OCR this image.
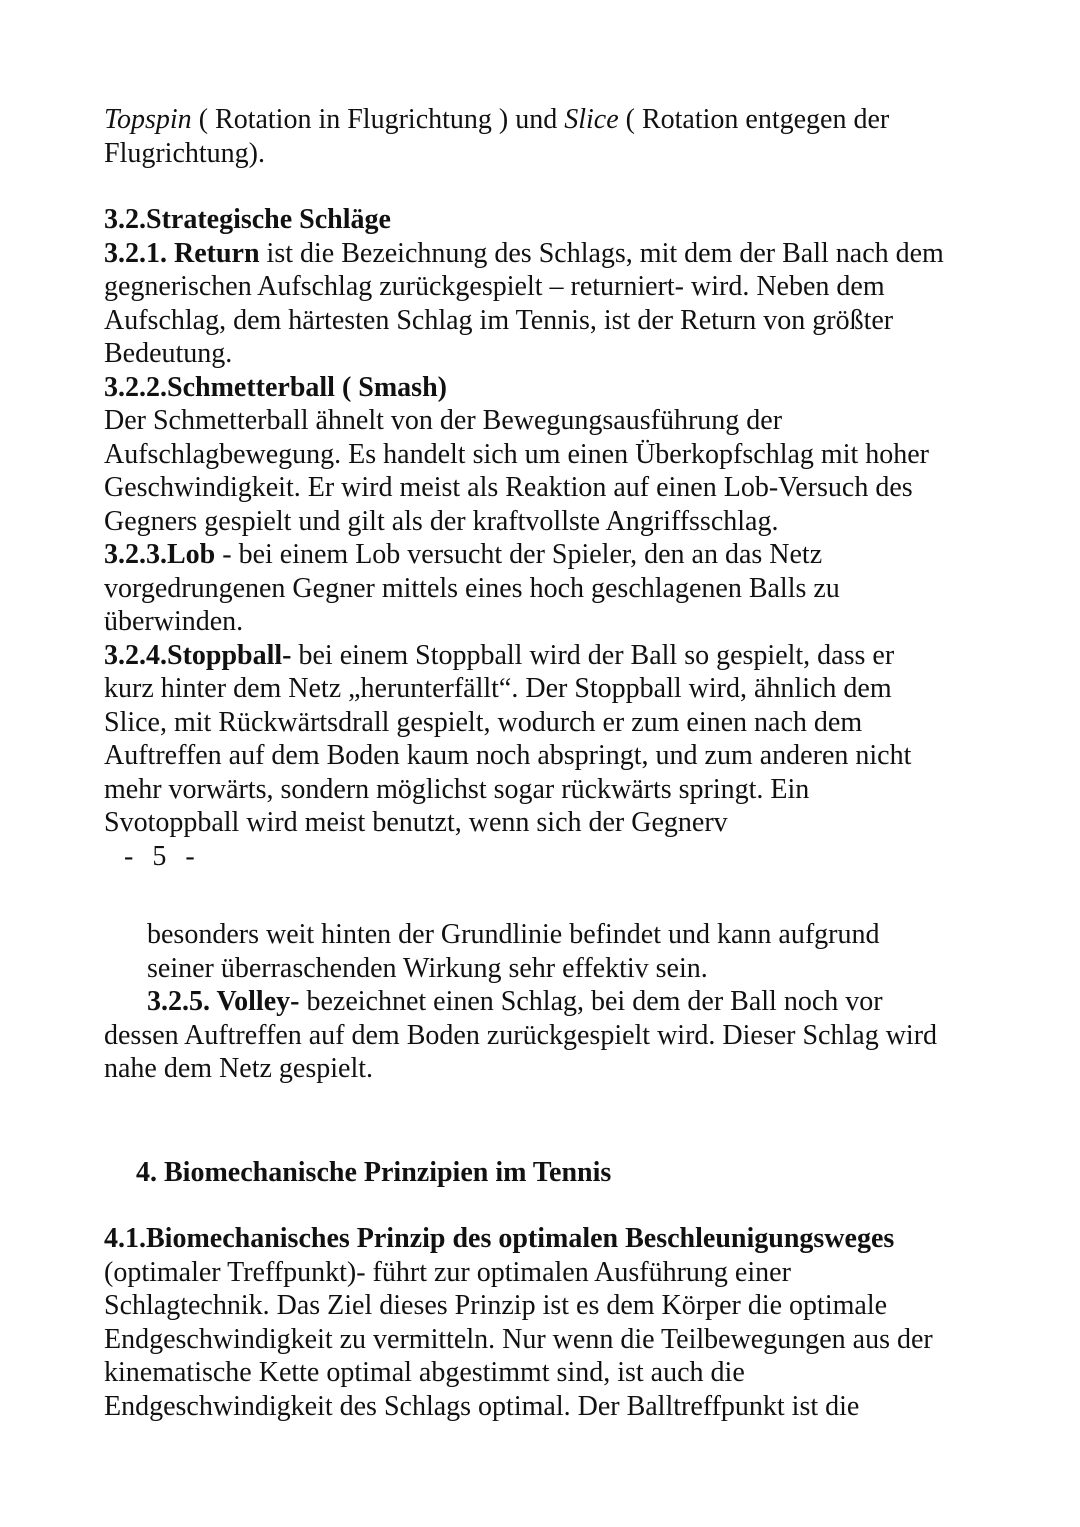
Topspin ( Rotation in Flugrichtung ) und Slice ( Rotation entgegen der

Flugrichtung).

3.2.Strategische Schläge

3.2.1. Return ist die Bezeichnung des Schlags, mit dem der Ball nach dem

gegnerischen Aufschlag zurückgespielt – returniert- wird. Neben dem

Aufschlag, dem härtesten Schlag im Tennis, ist der Return von größter

Bedeutung.

3.2.2.Schmetterball ( Smash)

Der Schmetterball ähnelt von der Bewegungsausführung der

Aufschlagbewegung. Es handelt sich um einen Überkopfschlag mit hoher

Geschwindigkeit. Er wird meist als Reaktion auf einen Lob-Versuch des

Gegners gespielt und gilt als der kraftvollste Angriffsschlag.

3.2.3.Lob - bei einem Lob versucht der Spieler, den an das Netz

vorgedrungenen Gegner mittels eines hoch geschlagenen Balls zu

überwinden.

3.2.4.Stoppball- bei einem Stoppball wird der Ball so gespielt, dass er

kurz hinter dem Netz „herunterfällt“. Der Stoppball wird, ähnlich dem

Slice, mit Rückwärtsdrall gespielt, wodurch er zum einen nach dem

Auftreffen auf dem Boden kaum noch abspringt, und zum anderen nicht

mehr vorwärts, sondern möglichst sogar rückwärts springt. Ein

Svotoppball wird meist benutzt, wenn sich der Gegnerv

- 5 -

besonders weit hinten der Grundlinie befindet und kann aufgrund

seiner überraschenden Wirkung sehr effektiv sein.

3.2.5. Volley- bezeichnet einen Schlag, bei dem der Ball noch vor

dessen Auftreffen auf dem Boden zurückgespielt wird. Dieser Schlag wird

nahe dem Netz gespielt.

4. Biomechanische Prinzipien im Tennis

4.1.Biomechanisches Prinzip des optimalen Beschleunigungsweges

(optimaler Treffpunkt)- führt zur optimalen Ausführung einer

Schlagtechnik. Das Ziel dieses Prinzip ist es dem Körper die optimale

Endgeschwindigkeit zu vermitteln. Nur wenn die Teilbewegungen aus der

kinematische Kette optimal abgestimmt sind, ist auch die

Endgeschwindigkeit des Schlags optimal. Der Balltreffpunkt ist die
